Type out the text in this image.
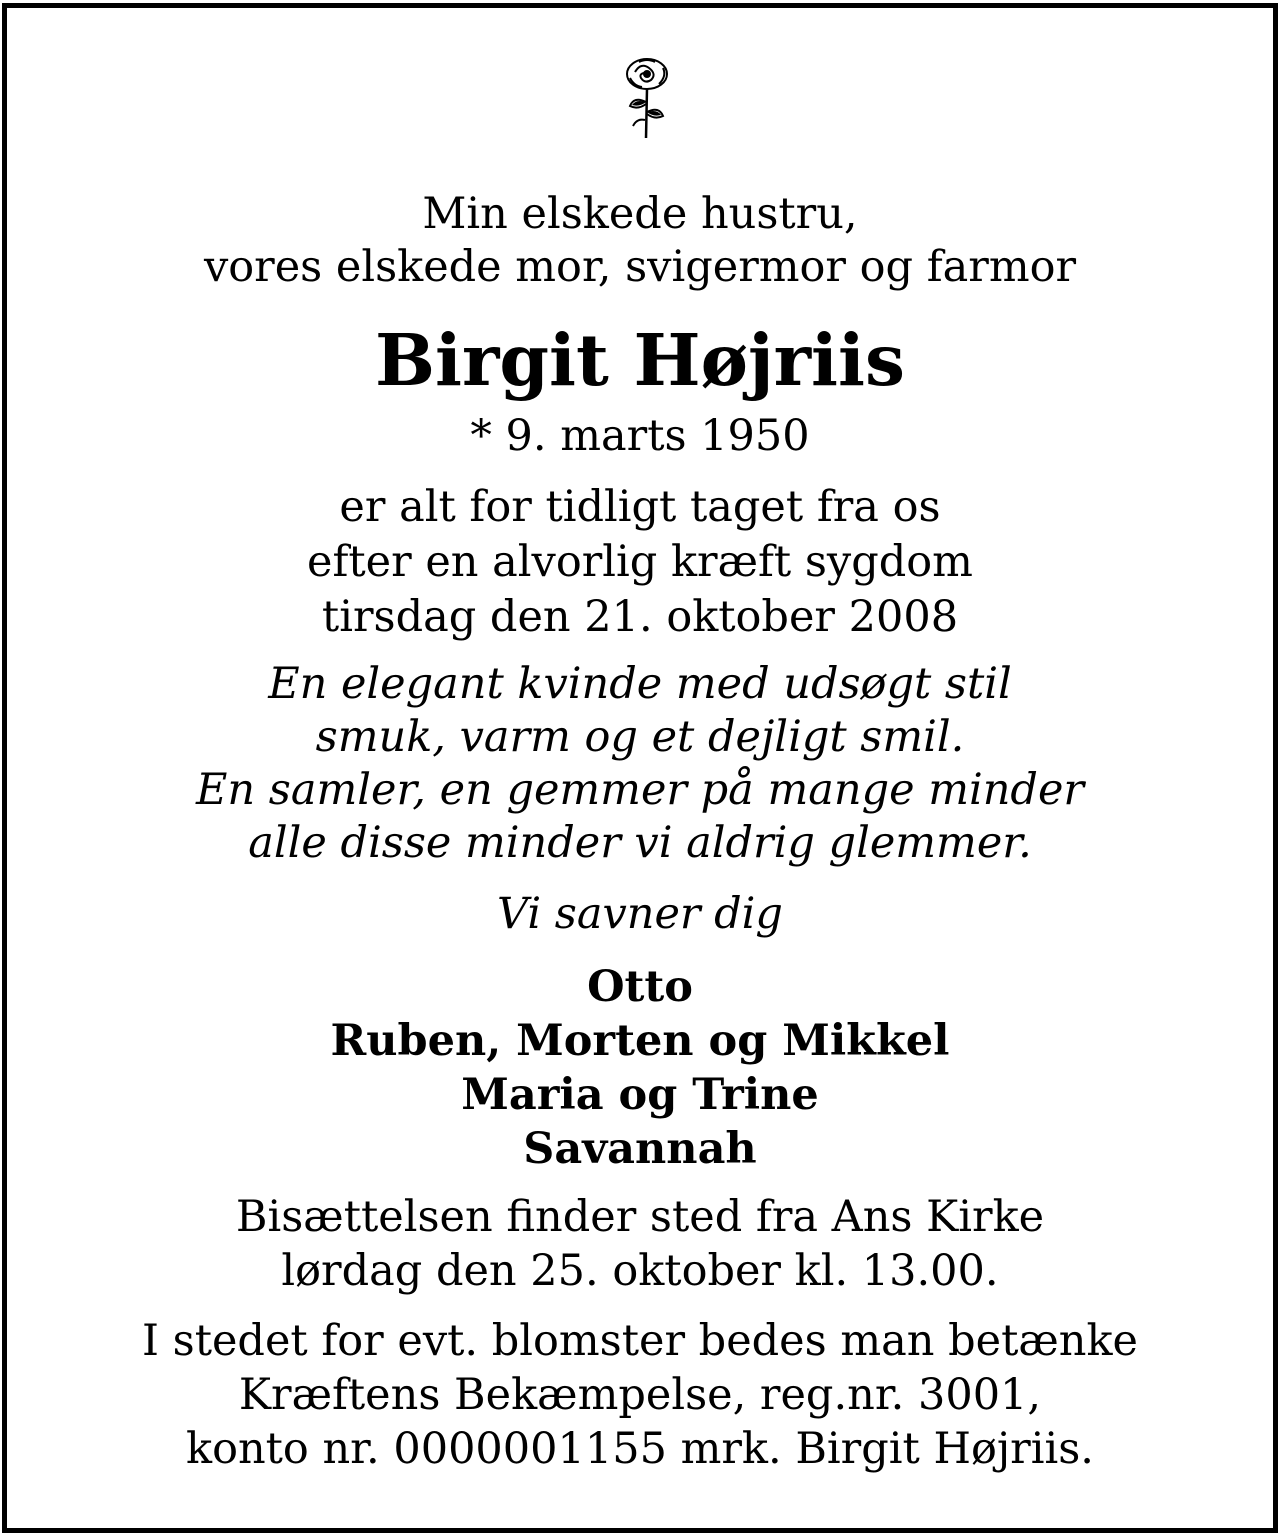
Min elskede hustru,
vores elskede mor, svigermor og farmor
Birgit Højriis
* 9. marts 1950
er alt for tidligt taget fra os
efter en alvorlig kræft sygdom
tirsdag den 21. oktober 2008
En elegant kvinde med udsøgt stil
smuk, varm og et dejligt smil.
En samler, en gemmer på mange minder
alle disse minder vi aldrig glemmer.
Vi savner dig
Otto
Ruben, Morten og Mikkel
Maria og Trine
Savannah
Bisættelsen finder sted fra Ans Kirke
lørdag den 25. oktober kl. 13.00.
I stedet for evt. blomster bedes man betænke
Kræftens Bekæmpelse, reg.nr. 3001,
konto nr. 0000001155 mrk. Birgit Højriis.
